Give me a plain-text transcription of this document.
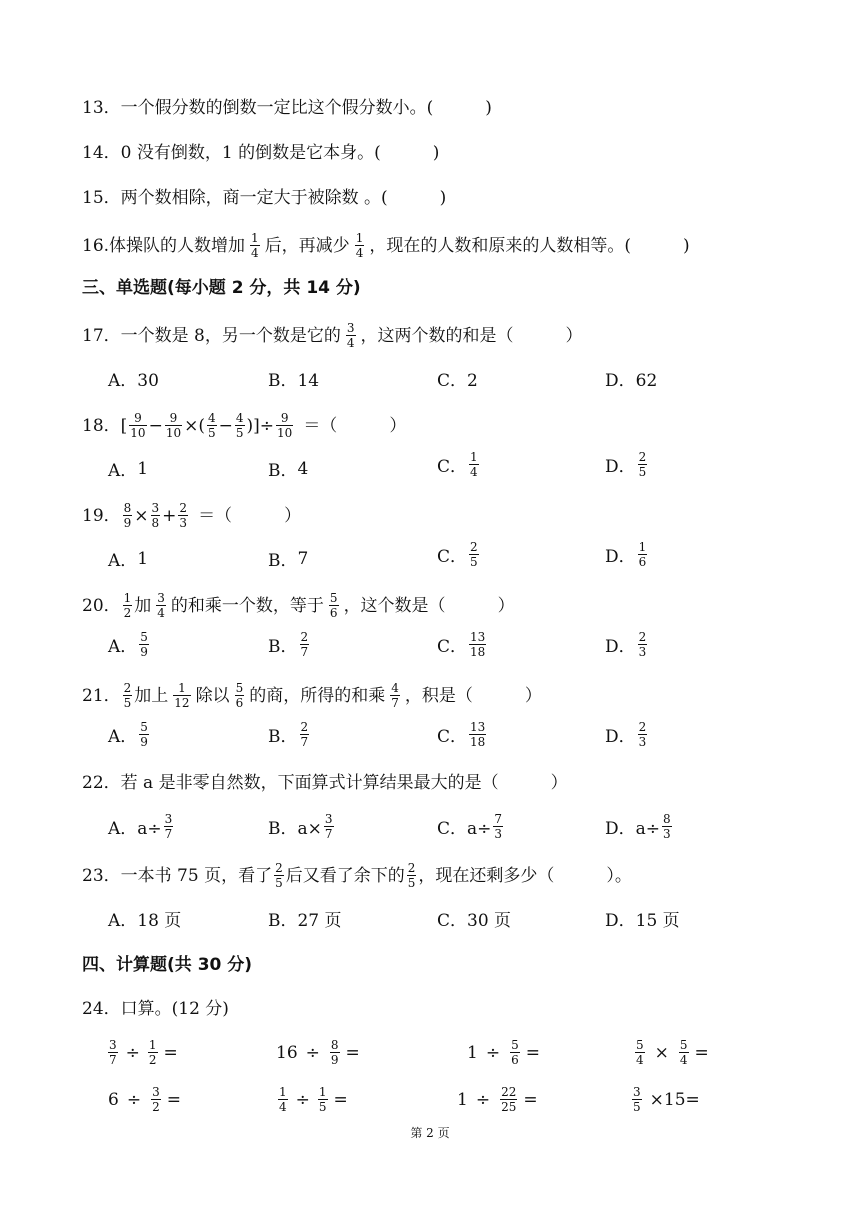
13．一个假分数的倒数一定比这个假分数小。(	)
14．0 没有倒数，1 的倒数是它本身。(	)
15．两个数相除，商一定大于被除数 。(	)
16.体操队的人数增加 $\frac{1}{4}$ 后，再减少 $\frac{1}{4}$ ，现在的人数和原来的人数相等。(	)
三、单选题(每小题 2 分，共 14 分)
17．一个数是 8，另一个数是它的 $\frac{3}{4}$ ，这两个数的和是（	）
A．30	B．14	C．2	D．62
18． [ $\frac{9}{10} - \frac{9}{10}$ ×( $\frac{4}{5} - \frac{4}{5}$ )]÷ $\frac{9}{10}$ ＝（	）
A． 1	B． 4	C． $\frac{1}{4}$	D． $\frac{2}{5}$
19． $\frac{8}{9} \times \frac{3}{8} + \frac{2}{3}$ ＝（	）
A． 1	B． 7	C． $\frac{2}{5}$	D． $\frac{1}{6}$
20． $\frac{1}{2}$ 加 $\frac{3}{4}$ 的和乘一个数，等于 $\frac{5}{6}$ ，这个数是（	）
A． $\frac{5}{9}$	B． $\frac{2}{7}$	C． $\frac{13}{18}$	D． $\frac{2}{3}$
21． $\frac{2}{5}$ 加上 $\frac{1}{12}$ 除以 $\frac{5}{6}$ 的商，所得的和乘 $\frac{4}{7}$ ，积是（	）
A． $\frac{5}{9}$	B． $\frac{2}{7}$	C． $\frac{13}{18}$	D． $\frac{2}{3}$
22．若 a 是非零自然数，下面算式计算结果最大的是（	）
A．$a\div \frac{3}{7}$	B．$a\times \frac{3}{7}$	C．$a\div \frac{7}{3}$	D．$a\div \frac{8}{3}$
23．一本书 75 页，看了 $\frac{2}{5}$ 后又看了余下的 $\frac{2}{5}$ ，现在还剩多少（	）。
A．18 页	B．27 页	C．30 页	D．15 页
四、计算题(共 30 分)
24．口算。(12 分)
$\frac{3}{7} \div \frac{1}{2}$ =	$16 \div \frac{8}{9}$ =	$1 \div \frac{5}{6}$ =	$\frac{5}{4} \times \frac{5}{4}$ =
$6 \div \frac{3}{2}$ =	$\frac{1}{4} \div \frac{1}{5}$ =	$1 \div \frac{22}{25}$ =	$\frac{3}{5} \times 15=$
第 2 页
